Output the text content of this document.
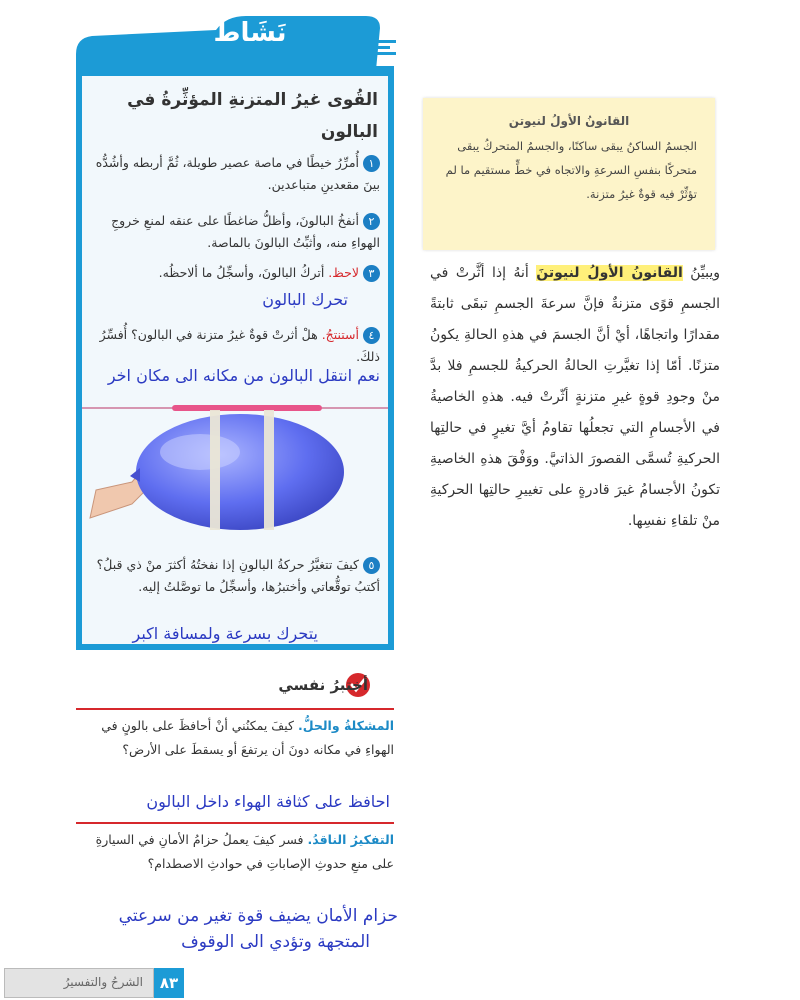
نَشَاطٌ
القُوى غيرُ المتزنةِ المؤثِّرةُ في
البالون
١أُمرِّرُ خيطًا في ماصة عصير طويلة، ثُمَّ أربطه وأشُدُّه بينَ مقعدينِ متباعدين.
٢أنفخُ البالونَ، وأظلُّ ضاغطًا على عنقه لمنعِ خروجِ الهواءِ منه، وأثبِّتُ البالونَ بالماصة.
٣لاحظ. أتركُ البالونَ، وأسجِّلُ ما ألاحظُه.
تحرك البالون
٤أستنتجُ. هلْ أثرتْ قوةٌ غيرُ متزنة في البالون؟ أُفسِّرُ ذلكَ.
نعم انتقل البالون من مكانه الى مكان اخر
٥كيفَ تتغيَّرُ حركةُ البالونِ إذا نفختُهُ أكثرَ منْ ذي قبلُ؟ أكتبُ توقُّعاتي وأختبرُها، وأسجِّلُ ما توصَّلتُ إليه.
يتحرك بسرعة ولمسافة اكبر
القانونُ الأولُ لنيوتن
الجسمُ الساكنُ يبقى ساكنًا، والجسمُ المتحركُ يبقى متحركًا بنفسِ السرعةِ والاتجاه في خطٍّ مستقيم ما لم تؤثِّرْ فيه قوةٌ غيرُ متزنة.
ويبيِّنُ القانونُ الأولُ لنيوتنَ أنهُ إذا أثَّرتْ في الجسمِ قوًى متزنةٌ فإنَّ سرعةَ الجسمِ تبقَى ثابتةً مقدارًا واتجاهًا، أيْ أنَّ الجسمَ في هذهِ الحالةِ يكونُ متزنًا. أمّا إذا تغيَّرتِ الحالةُ الحركيةُ للجسمِ فلا بدَّ منْ وجودِ قوةٍ غيرِ متزنةٍ أثّرتْ فيه. هذهِ الخاصيةُ في الأجسامِ التي تجعلُها تقاومُ أيَّ تغيرٍ في حالتِها الحركيةِ تُسمَّى القصورَ الذاتيَّ. ووَفْقَ هذهِ الخاصيةِ تكونُ الأجسامُ غيرَ قادرةٍ على تغييرِ حالتِها الحركيةِ منْ تلقاءِ نفسِها.
أختبرُ نفسي
المشكلةُ والحلُّ. كيفَ يمكنُني أنْ أحافظَ على بالونٍ في الهواءِ في مكانه دونَ أن يرتفعَ أو يسقطَ على الأرض؟
احافظ على كثافة الهواء داخل البالون
التفكيرُ الناقدُ. فسر كيفَ يعملُ حزامُ الأمانِ في السيارةِ على منعِ حدوثِ الإصاباتِ في حوادثِ الاصطدام؟
حزام الأمان يضيف قوة تغير من سرعتي
المتجهة وتؤدي الى الوقوف
الشرحُ والتفسيرُ	٨٣
